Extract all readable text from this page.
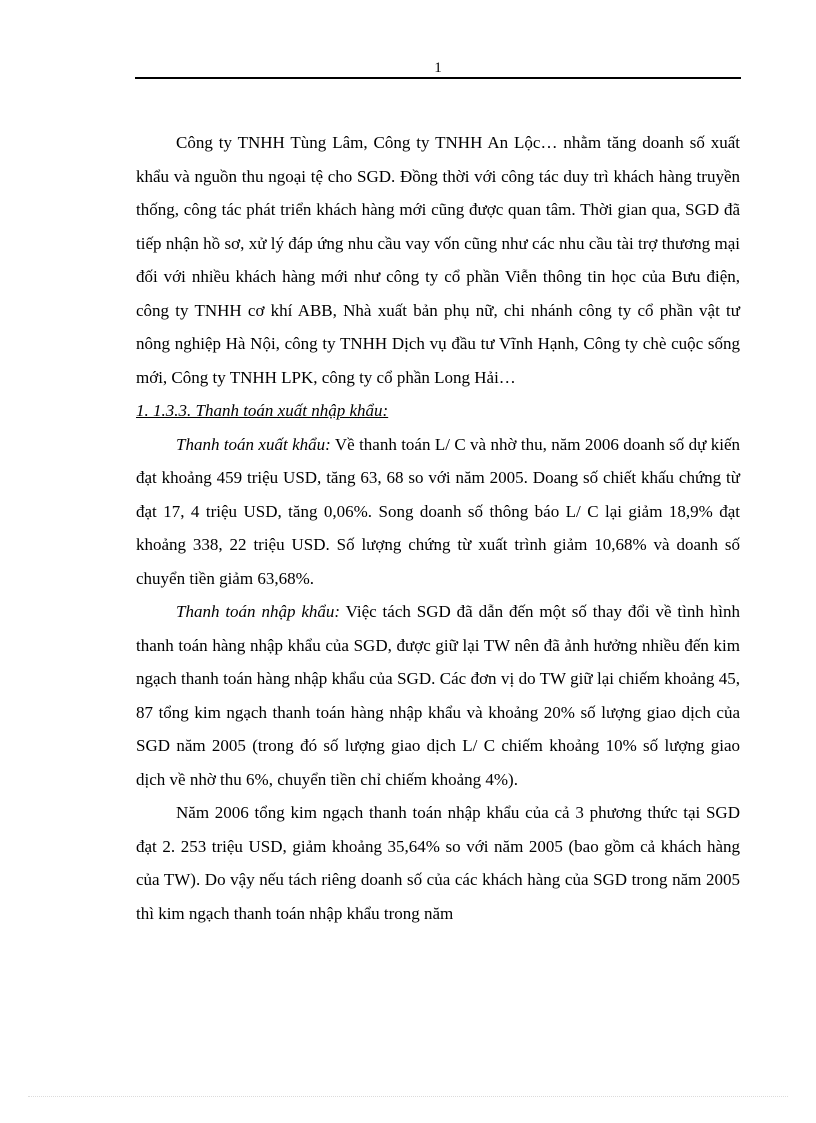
1

Công ty TNHH Tùng Lâm, Công ty TNHH An Lộc… nhằm tăng doanh số xuất khẩu và nguồn thu ngoại tệ cho SGD. Đồng thời với công tác duy trì khách hàng truyền thống, công tác phát triển khách hàng mới cũng được quan tâm. Thời gian qua, SGD đã tiếp nhận hồ sơ, xử lý đáp ứng nhu cầu vay vốn cũng như các nhu cầu tài trợ thương mại đối với nhiều khách hàng mới như công ty cổ phần Viễn thông tin học của Bưu điện, công ty TNHH cơ khí ABB, Nhà xuất bản phụ nữ, chi nhánh công ty cổ phần vật tư nông nghiệp Hà Nội, công ty TNHH Dịch vụ đầu tư Vĩnh Hạnh, Công ty chè cuộc sống mới, Công ty TNHH LPK, công ty cổ phần Long Hải…

1. 1.3.3. Thanh toán xuất nhập khẩu:

Thanh toán xuất khẩu: Về thanh toán L/ C và nhờ thu, năm 2006 doanh số dự kiến đạt khoảng 459 triệu USD, tăng 63, 68 so với năm 2005. Doang số chiết khấu chứng từ đạt 17, 4 triệu USD, tăng 0,06%. Song doanh số thông báo L/ C lại giảm 18,9% đạt khoảng 338, 22 triệu USD. Số lượng chứng từ xuất trình giảm 10,68% và doanh số chuyển tiền giảm 63,68%.

Thanh toán nhập khẩu: Việc tách SGD đã dẫn đến một số thay đổi về tình hình thanh toán hàng nhập khẩu của SGD, được giữ lại TW nên đã ảnh hưởng nhiều đến kim ngạch thanh toán hàng nhập khẩu của SGD. Các đơn vị do TW giữ lại chiếm khoảng 45, 87 tổng kim ngạch thanh toán hàng nhập khẩu và khoảng 20% số lượng giao dịch của SGD năm 2005 (trong đó số lượng giao dịch L/ C chiếm khoảng 10% số lượng giao dịch về nhờ thu 6%, chuyển tiền chỉ chiếm khoảng 4%).

Năm 2006 tổng kim ngạch thanh toán nhập khẩu của cả 3 phương thức tại SGD đạt 2. 253 triệu USD, giảm khoảng 35,64% so với năm 2005 (bao gồm cả khách hàng của TW). Do vậy nếu tách riêng doanh số của các khách hàng của SGD trong năm 2005 thì kim ngạch thanh toán nhập khẩu trong năm
